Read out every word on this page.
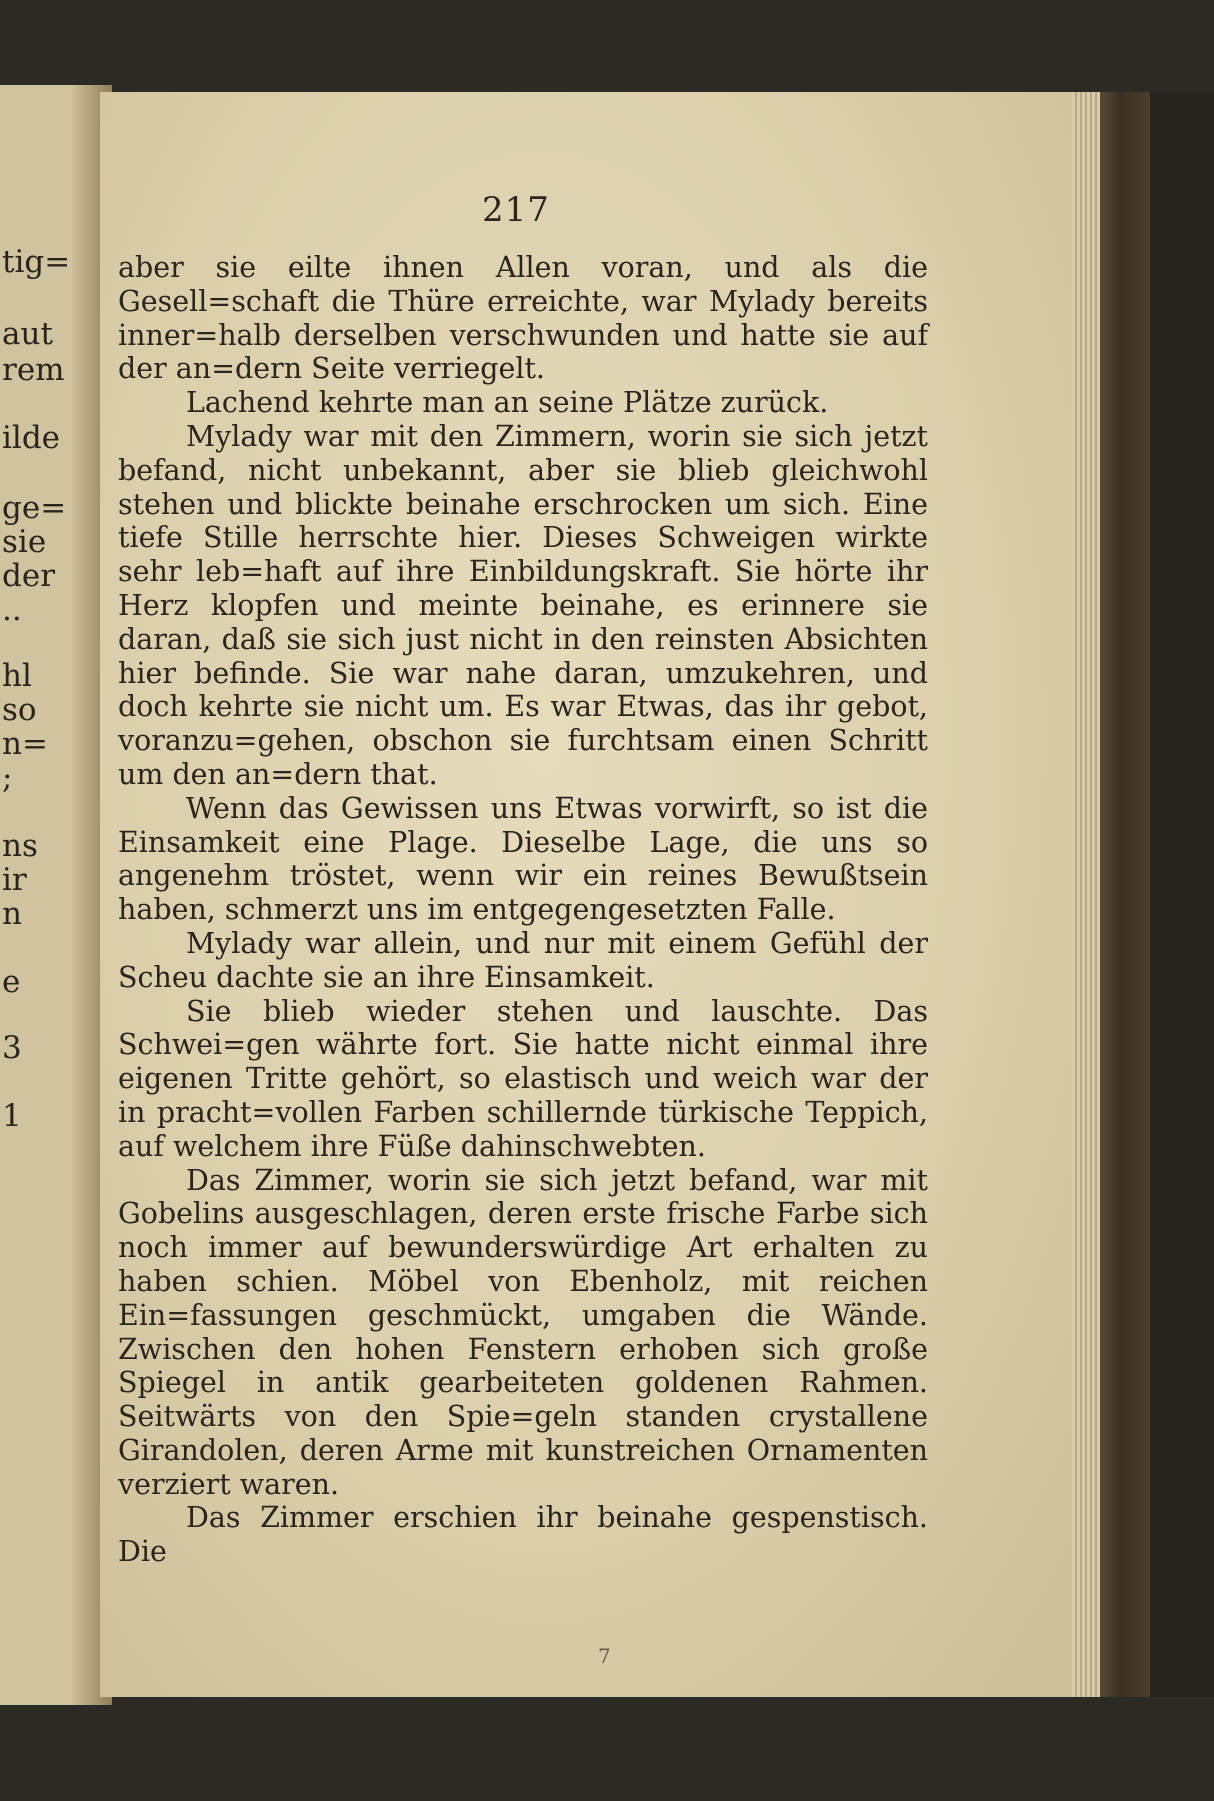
tig=
aut
rem
ilde
ge=
sie
der
..
hl
so
n=
;
ns
ir
n
e
3
1
217

aber sie eilte ihnen Allen voran, und als die Gesell=schaft die Thüre erreichte, war Mylady bereits inner=halb derselben verschwunden und hatte sie auf der an=dern Seite verriegelt.

Lachend kehrte man an seine Plätze zurück.

Mylady war mit den Zimmern, worin sie sich jetzt befand, nicht unbekannt, aber sie blieb gleichwohl stehen und blickte beinahe erschrocken um sich. Eine tiefe Stille herrschte hier. Dieses Schweigen wirkte sehr leb=haft auf ihre Einbildungskraft. Sie hörte ihr Herz klopfen und meinte beinahe, es erinnere sie daran, daß sie sich just nicht in den reinsten Absichten hier befinde. Sie war nahe daran, umzukehren, und doch kehrte sie nicht um. Es war Etwas, das ihr gebot, voranzu=gehen, obschon sie furchtsam einen Schritt um den an=dern that.

Wenn das Gewissen uns Etwas vorwirft, so ist die Einsamkeit eine Plage. Dieselbe Lage, die uns so angenehm tröstet, wenn wir ein reines Bewußtsein haben, schmerzt uns im entgegengesetzten Falle.

Mylady war allein, und nur mit einem Gefühl der Scheu dachte sie an ihre Einsamkeit.

Sie blieb wieder stehen und lauschte. Das Schwei=gen währte fort. Sie hatte nicht einmal ihre eigenen Tritte gehört, so elastisch und weich war der in pracht=vollen Farben schillernde türkische Teppich, auf welchem ihre Füße dahinschwebten.

Das Zimmer, worin sie sich jetzt befand, war mit Gobelins ausgeschlagen, deren erste frische Farbe sich noch immer auf bewunderswürdige Art erhalten zu haben schien. Möbel von Ebenholz, mit reichen Ein=fassungen geschmückt, umgaben die Wände. Zwischen den hohen Fenstern erhoben sich große Spiegel in antik gearbeiteten goldenen Rahmen. Seitwärts von den Spie=geln standen crystallene Girandolen, deren Arme mit kunstreichen Ornamenten verziert waren.

Das Zimmer erschien ihr beinahe gespenstisch. Die

7
